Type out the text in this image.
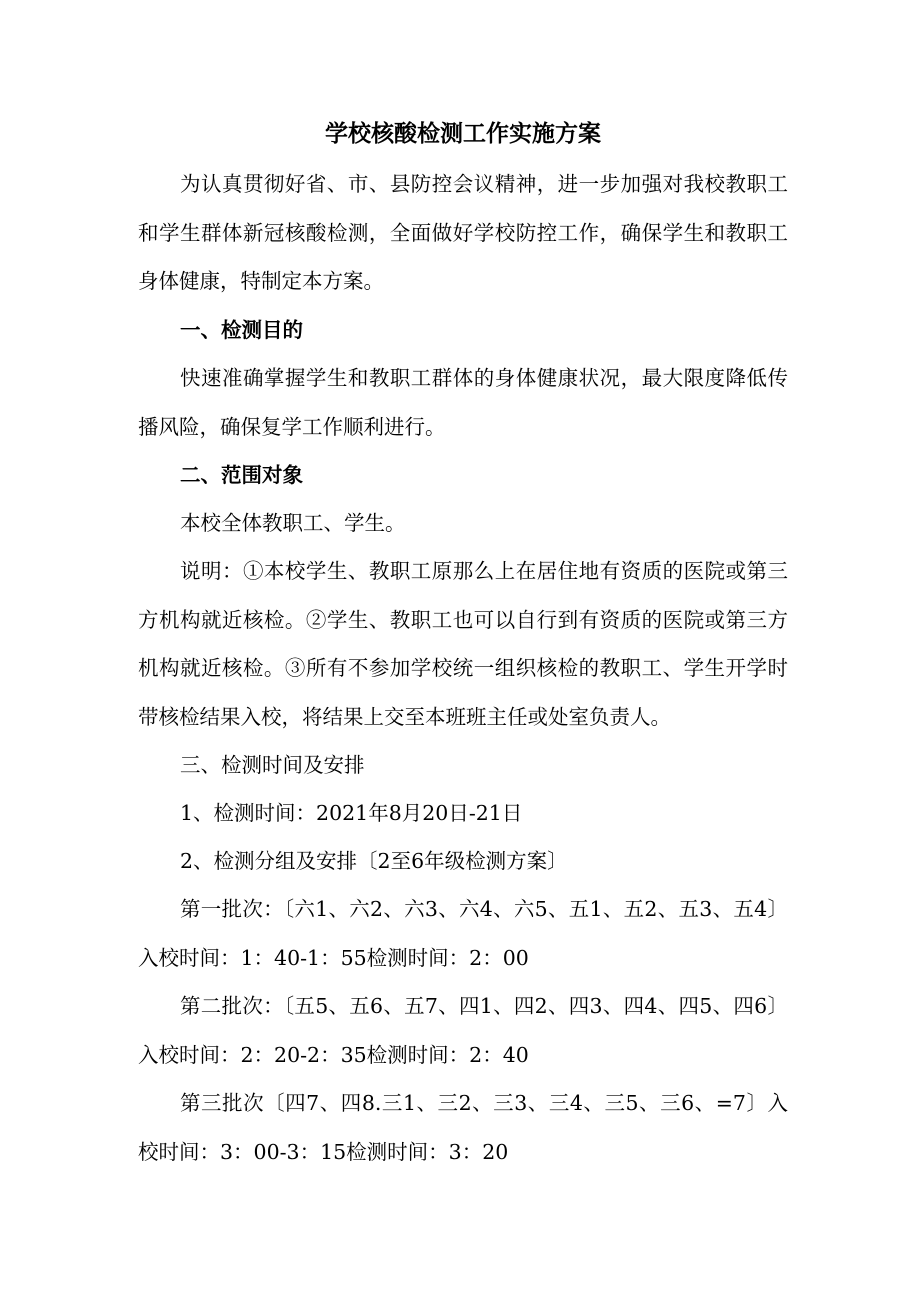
学校核酸检测工作实施方案
为认真贯彻好省、市、县防控会议精神，进一步加强对我校教职工和学生群体新冠核酸检测，全面做好学校防控工作，确保学生和教职工身体健康，特制定本方案。
一、检测目的
快速准确掌握学生和教职工群体的身体健康状况，最大限度降低传播风险，确保复学工作顺利进行。
二、范围对象
本校全体教职工、学生。
说明：①本校学生、教职工原那么上在居住地有资质的医院或第三方机构就近核检。②学生、教职工也可以自行到有资质的医院或第三方机构就近核检。③所有不参加学校统一组织核检的教职工、学生开学时带核检结果入校，将结果上交至本班班主任或处室负责人。
三、检测时间及安排
1、检测时间：2021年8月20日-21日
2、检测分组及安排〔2至6年级检测方案〕
第一批次：〔六1、六2、六3、六4、六5、五1、五2、五3、五4〕入校时间：1：40-1：55检测时间：2：00
第二批次：〔五5、五6、五7、四1、四2、四3、四4、四5、四6〕入校时间：2：20-2：35检测时间：2：40
第三批次〔四7、四8.三1、三2、三3、三4、三5、三6、=7〕入校时间：3：00-3：15检测时间：3：20
